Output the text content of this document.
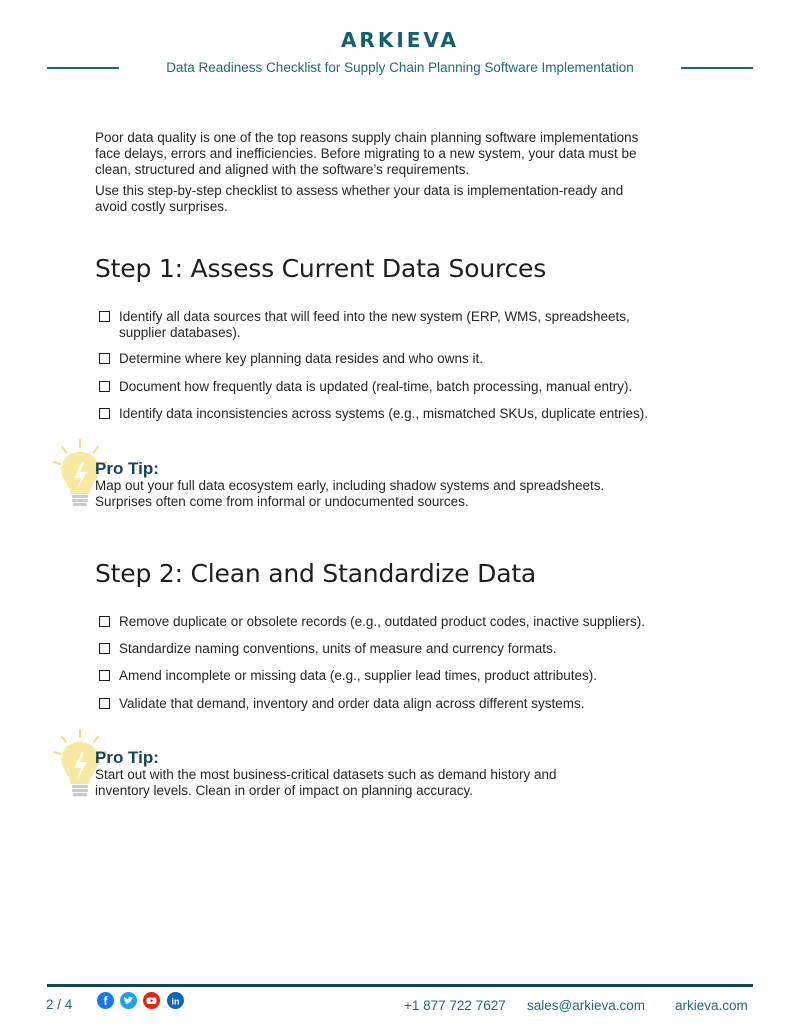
ARKIEVA
Data Readiness Checklist for Supply Chain Planning Software Implementation
Poor data quality is one of the top reasons supply chain planning software implementations
face delays, errors and inefficiencies. Before migrating to a new system, your data must be
clean, structured and aligned with the software’s requirements.
Use this step-by-step checklist to assess whether your data is implementation-ready and
avoid costly surprises.
Step 1: Assess Current Data Sources
Identify all data sources that will feed into the new system (ERP, WMS, spreadsheets,
supplier databases).
Determine where key planning data resides and who owns it.
Document how frequently data is updated (real-time, batch processing, manual entry).
Identify data inconsistencies across systems (e.g., mismatched SKUs, duplicate entries).
Pro Tip:
Map out your full data ecosystem early, including shadow systems and spreadsheets.
Surprises often come from informal or undocumented sources.
Step 2: Clean and Standardize Data
Remove duplicate or obsolete records (e.g., outdated product codes, inactive suppliers).
Standardize naming conventions, units of measure and currency formats.
Amend incomplete or missing data (e.g., supplier lead times, product attributes).
Validate that demand, inventory and order data align across different systems.
Pro Tip:
Start out with the most business-critical datasets such as demand history and
inventory levels. Clean in order of impact on planning accuracy.
2 / 4	f	in	+1 877 722 7627 sales@arkieva.com arkieva.com
